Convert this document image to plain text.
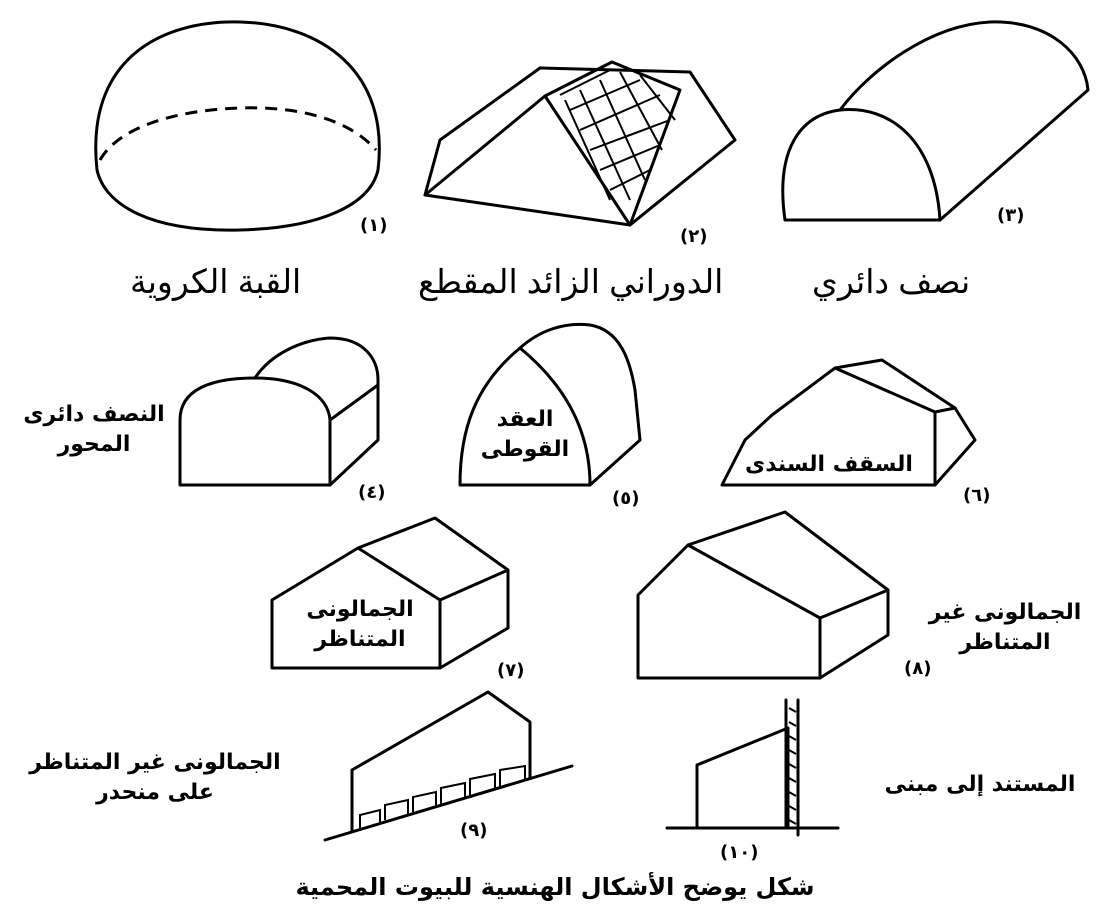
(١)
(٢)
(٣)
(٤)	(٥)	(٦)
(٧)	(٨)
(٩)
(١٠)
القبة الكروية	الدوراني الزائد المقطع	نصف دائري
النصف دائرى
المحور
العقد
القوطى
السقف السندى
الجمالونى
المتناظر
الجمالونى غير
المتناظر
الجمالونى غير المتناظر
على منحدر	المستند إلى مبنى
شكل يوضح الأشكال الهنسية للبيوت المحمية
